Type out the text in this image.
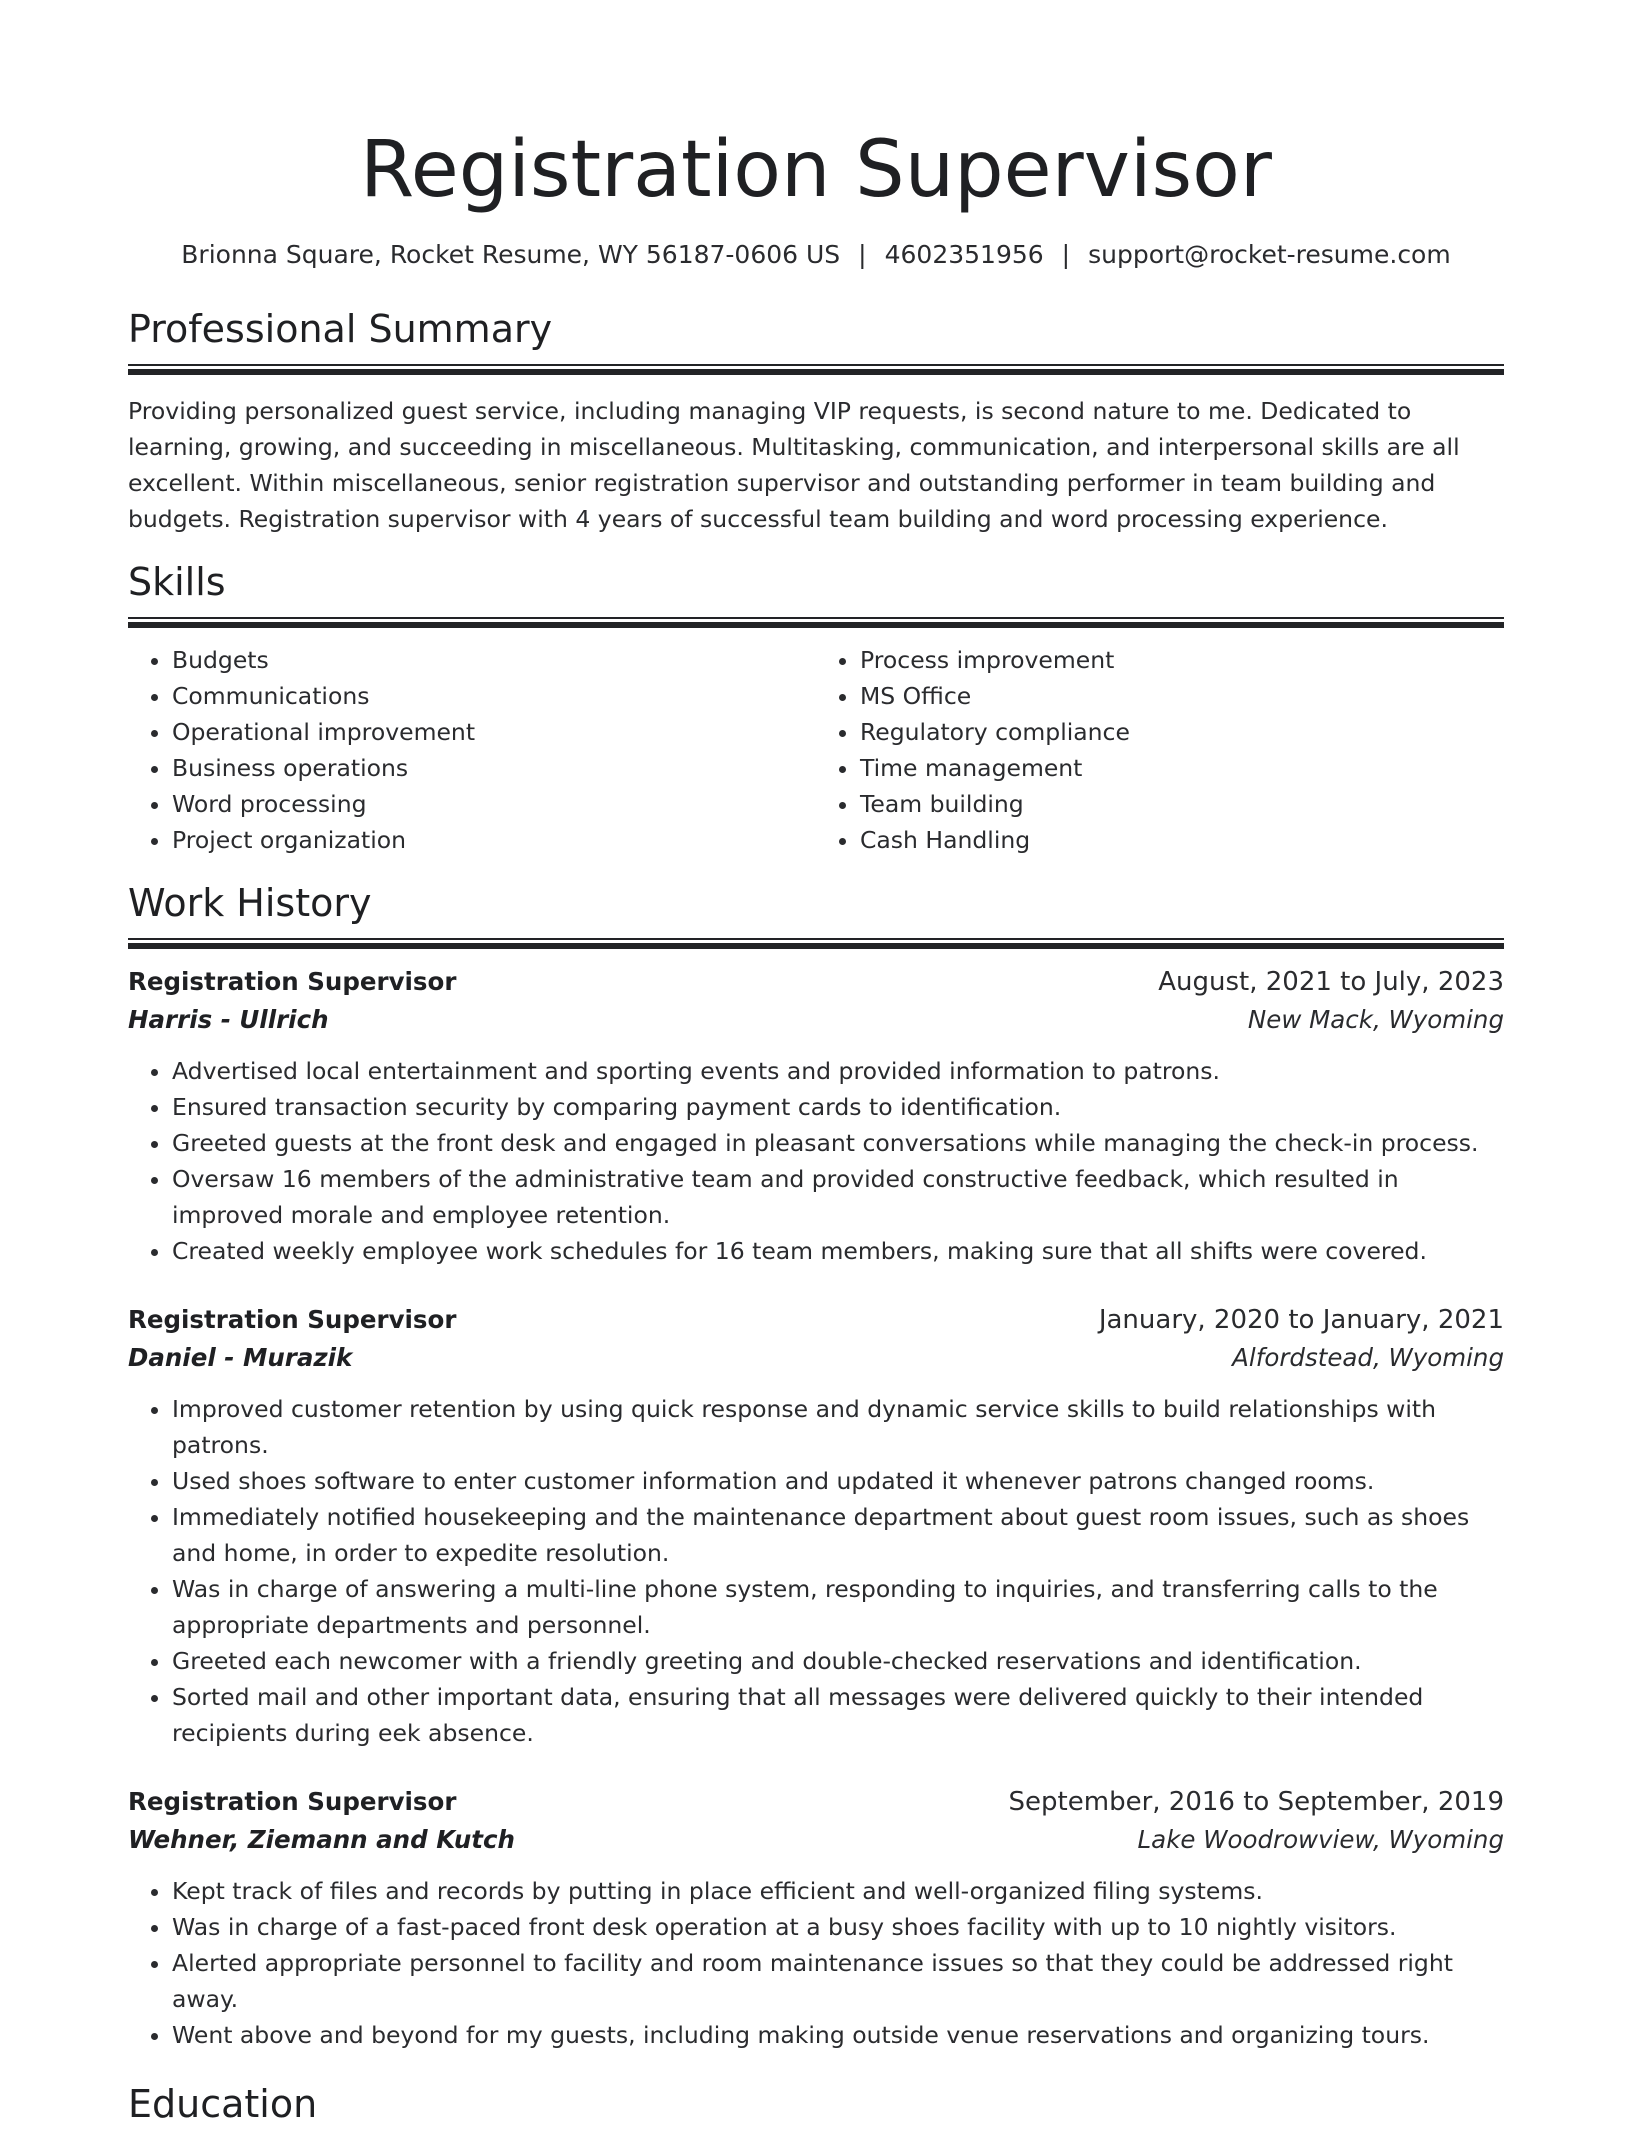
Registration Supervisor
Brionna Square, Rocket Resume, WY 56187-0606 US | 4602351956 | support@rocket-resume.com
Professional Summary

Providing personalized guest service, including managing VIP requests, is second nature to me. Dedicated to learning, growing, and succeeding in miscellaneous. Multitasking, communication, and interpersonal skills are all excellent. Within miscellaneous, senior registration supervisor and outstanding performer in team building and budgets. Registration supervisor with 4 years of successful team building and word processing experience.

Skills
• Budgets
• Communications
• Operational improvement
• Business operations
• Word processing
• Project organization
• Process improvement
• MS Office
• Regulatory compliance
• Time management
• Team building
• Cash Handling
Work History
Registration Supervisor	August, 2021 to July, 2023
Harris - Ullrich	New Mack, Wyoming
• Advertised local entertainment and sporting events and provided information to patrons.
• Ensured transaction security by comparing payment cards to identification.
• Greeted guests at the front desk and engaged in pleasant conversations while managing the check-in process.
• Oversaw 16 members of the administrative team and provided constructive feedback, which resulted in improved morale and employee retention.
• Created weekly employee work schedules for 16 team members, making sure that all shifts were covered.
Registration Supervisor	January, 2020 to January, 2021
Daniel - Murazik	Alfordstead, Wyoming
• Improved customer retention by using quick response and dynamic service skills to build relationships with patrons.
• Used shoes software to enter customer information and updated it whenever patrons changed rooms.
• Immediately notified housekeeping and the maintenance department about guest room issues, such as shoes and home, in order to expedite resolution.
• Was in charge of answering a multi-line phone system, responding to inquiries, and transferring calls to the appropriate departments and personnel.
• Greeted each newcomer with a friendly greeting and double-checked reservations and identification.
• Sorted mail and other important data, ensuring that all messages were delivered quickly to their intended recipients during eek absence.
Registration Supervisor	September, 2016 to September, 2019
Wehner, Ziemann and Kutch	Lake Woodrowview, Wyoming
• Kept track of files and records by putting in place efficient and well-organized filing systems.
• Was in charge of a fast-paced front desk operation at a busy shoes facility with up to 10 nightly visitors.
• Alerted appropriate personnel to facility and room maintenance issues so that they could be addressed right away.
• Went above and beyond for my guests, including making outside venue reservations and organizing tours.
Education
